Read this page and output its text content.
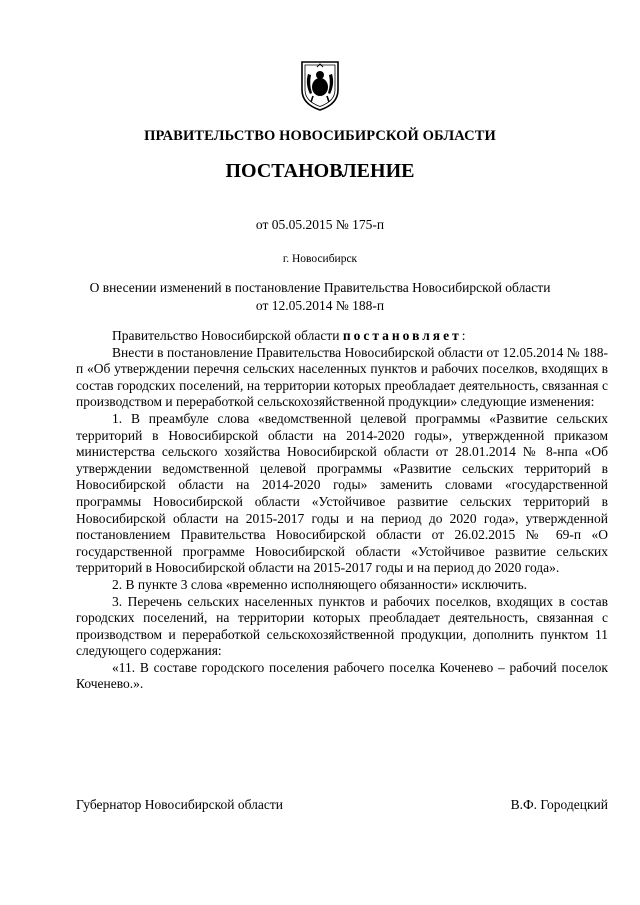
ПРАВИТЕЛЬСТВО НОВОСИБИРСКОЙ ОБЛАСТИ
ПОСТАНОВЛЕНИЕ
от 05.05.2015 № 175-п
г. Новосибирск
О внесении изменений в постановление Правительства Новосибирской области
от 12.05.2014 № 188-п

Правительство Новосибирской области постановляет:

Внести в постановление Правительства Новосибирской области от 12.05.2014 № 188-п «Об утверждении перечня сельских населенных пунктов и рабочих поселков, входящих в состав городских поселений, на территории которых преобладает деятельность, связанная с производством и переработкой сельскохозяйственной продукции» следующие изменения:

1. В преамбуле слова «ведомственной целевой программы «Развитие сельских территорий в Новосибирской области на 2014-2020 годы», утвержденной приказом министерства сельского хозяйства Новосибирской области от 28.01.2014 № 8-нпа «Об утверждении ведомственной целевой программы «Развитие сельских территорий в Новосибирской области на 2014-2020 годы» заменить словами «государственной программы Новосибирской области «Устойчивое развитие сельских территорий в Новосибирской области на 2015-2017 годы и на период до 2020 года», утвержденной постановлением Правительства Новосибирской области от 26.02.2015 № 69-п «О государственной программе Новосибирской области «Устойчивое развитие сельских территорий в Новосибирской области на 2015-2017 годы и на период до 2020 года».

2. В пункте 3 слова «временно исполняющего обязанности» исключить.

3. Перечень сельских населенных пунктов и рабочих поселков, входящих в состав городских поселений, на территории которых преобладает деятельность, связанная с производством и переработкой сельскохозяйственной продукции, дополнить пунктом 11 следующего содержания:

«11. В составе городского поселения рабочего поселка Коченево – рабочий поселок Коченево.».

Губернатор Новосибирской области	В.Ф. Городецкий
